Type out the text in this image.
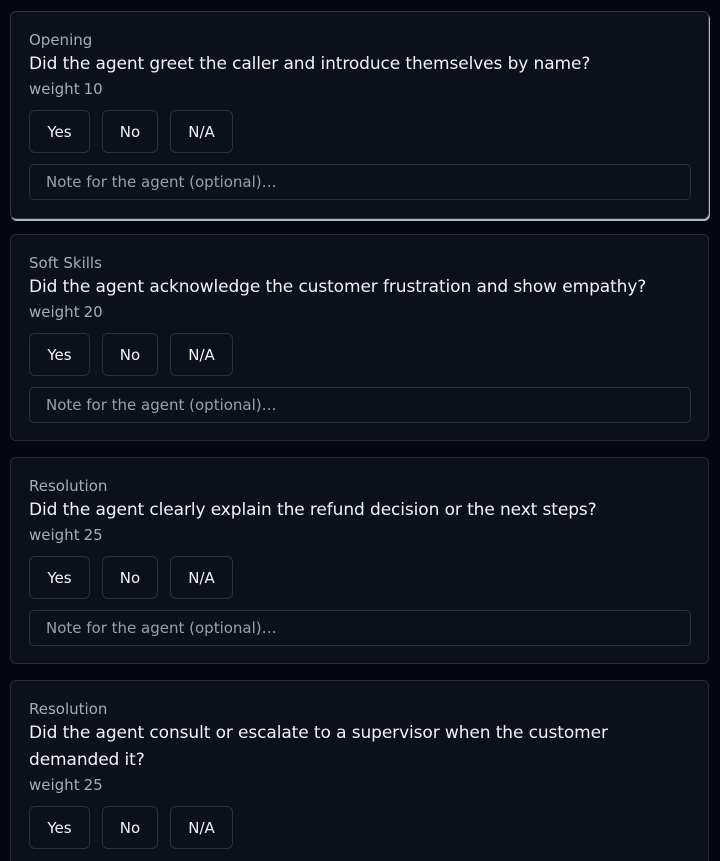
Opening
Did the agent greet the caller and introduce themselves by name?
weight 10
Yes	No	N/A
Note for the agent (optional)…
Soft Skills
Did the agent acknowledge the customer frustration and show empathy?
weight 20
Yes	No	N/A
Note for the agent (optional)…
Resolution
Did the agent clearly explain the refund decision or the next steps?
weight 25
Yes	No	N/A
Note for the agent (optional)…
Resolution
Did the agent consult or escalate to a supervisor when the customer demanded it?
weight 25
Yes	No	N/A
